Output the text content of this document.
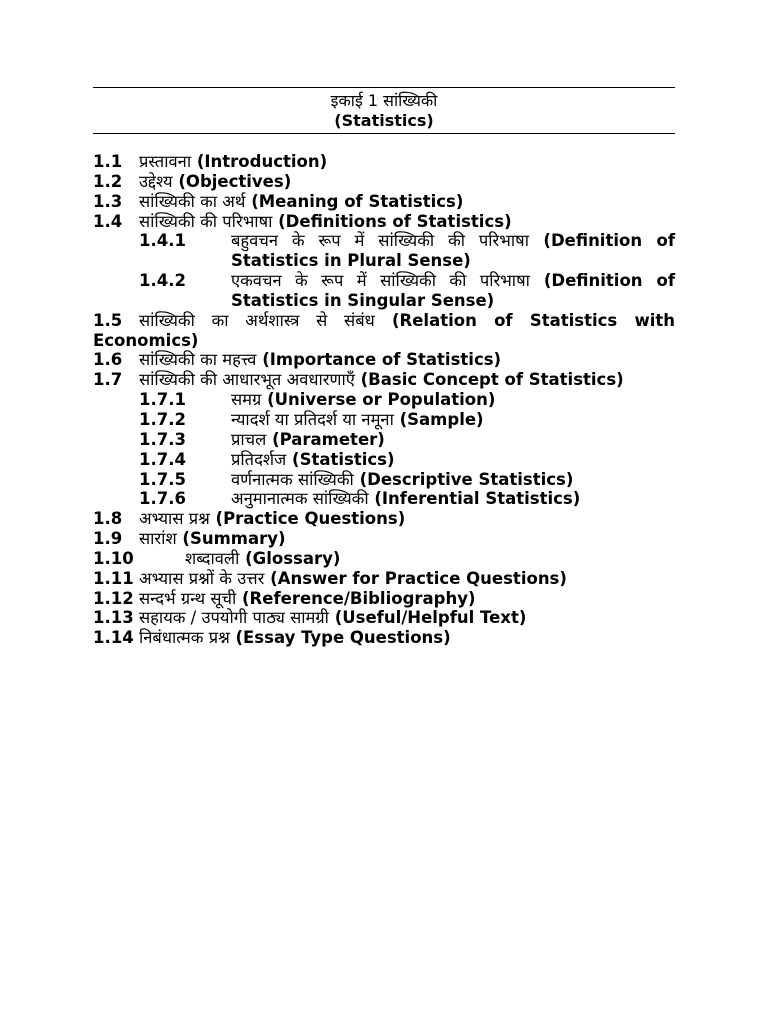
इकाई 1 सांख्यिकी
(Statistics)
1.1	प्रस्तावना (Introduction)
1.2	उद्देश्य (Objectives)
1.3	सांख्यिकी का अर्थ (Meaning of Statistics)
1.4	सांख्यिकी की परिभाषा (Definitions of Statistics)
1.4.1	बहुवचन के रूप में सांख्यिकी की परिभाषा (Definition of Statistics in Plural Sense)
1.4.2	एकवचन के रूप में सांख्यिकी की परिभाषा (Definition of Statistics in Singular Sense)
1.5 सांख्यिकी का अर्थशास्त्र से संबंध (Relation of Statistics with Economics)
1.6	सांख्यिकी का महत्त्व (Importance of Statistics)
1.7	सांख्यिकी की आधारभूत अवधारणाएँ (Basic Concept of Statistics)
1.7.1	समग्र (Universe or Population)
1.7.2	न्यादर्श या प्रतिदर्श या नमूना (Sample)
1.7.3	प्राचल (Parameter)
1.7.4	प्रतिदर्शज (Statistics)
1.7.5	वर्णनात्मक सांख्यिकी (Descriptive Statistics)
1.7.6	अनुमानात्मक सांख्यिकी (Inferential Statistics)
1.8	अभ्यास प्रश्न (Practice Questions)
1.9	सारांश (Summary)
1.10	शब्दावली (Glossary)
1.11 अभ्यास प्रश्नों के उत्तर (Answer for Practice Questions)
1.12 सन्दर्भ ग्रन्थ सूची (Reference/Bibliography)
1.13 सहायक / उपयोगी पाठ्य सामग्री (Useful/Helpful Text)
1.14 निबंधात्मक प्रश्न (Essay Type Questions)
